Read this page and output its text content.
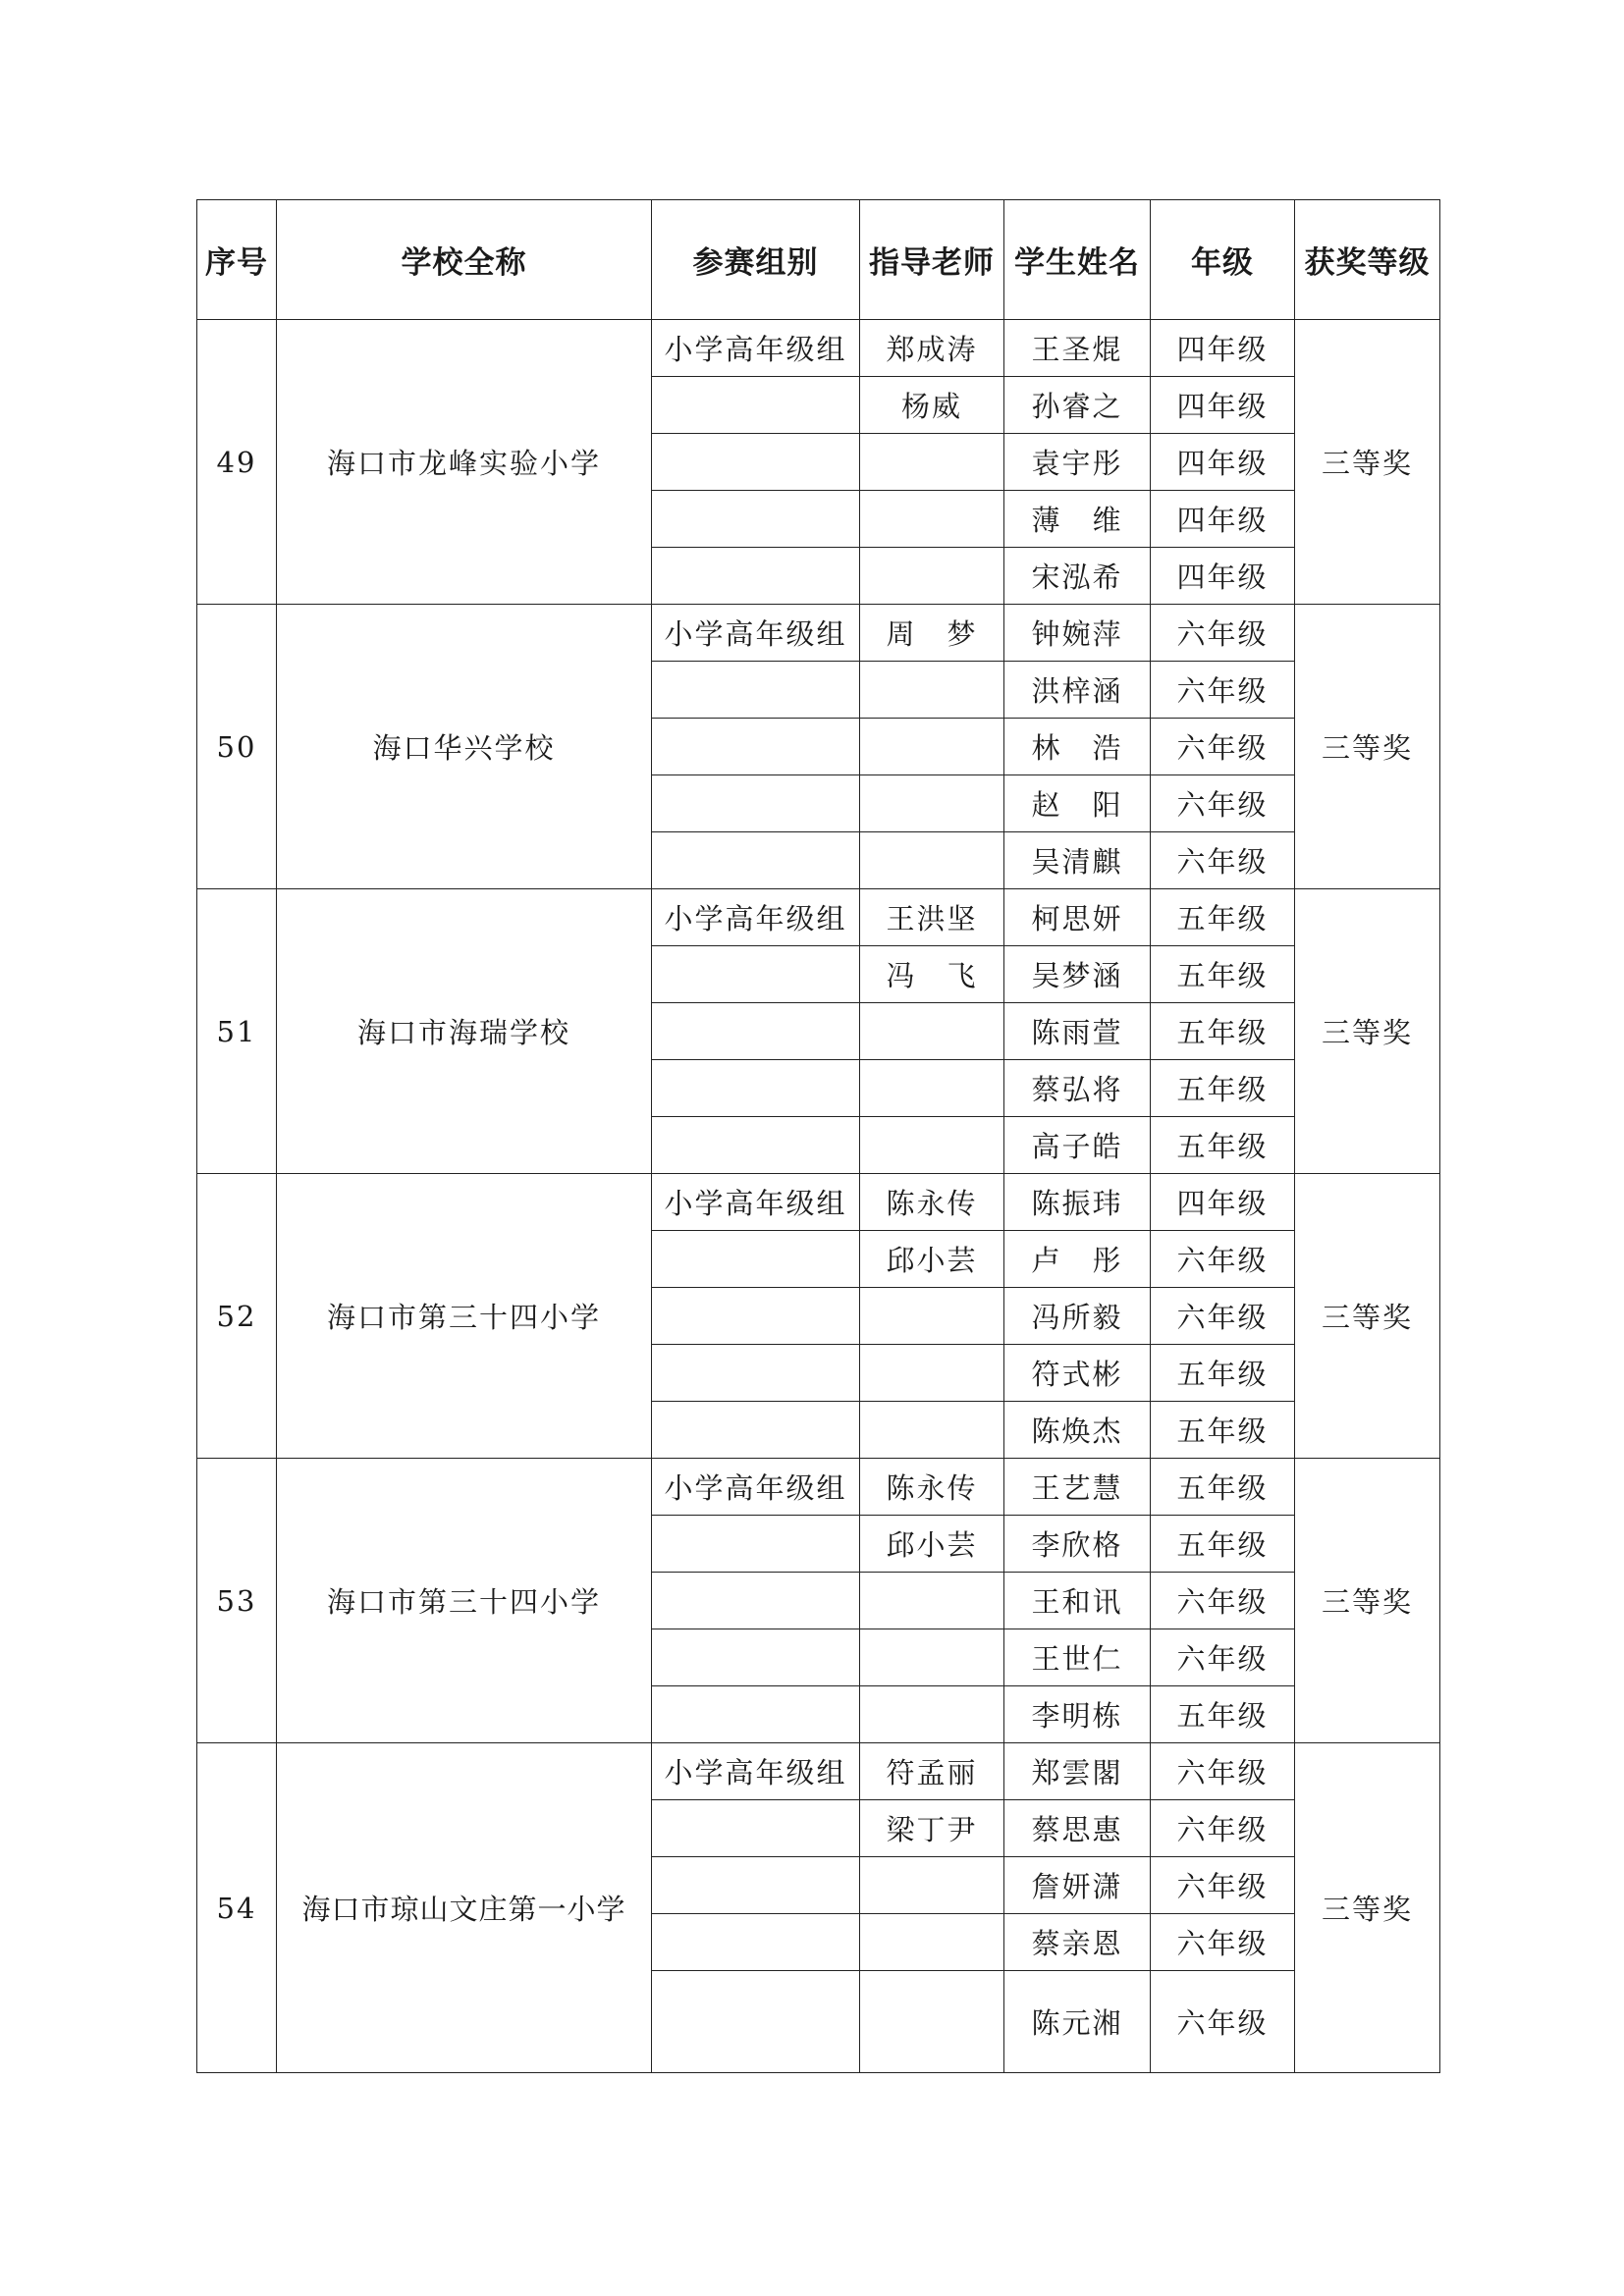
序号	学校全称	参赛组别	指导老师	学生姓名	年级	获奖等级
49	海口市龙峰实验小学	小学高年级组	郑成涛	王圣焜	四年级	三等奖
			杨威	孙睿之	四年级	
				袁宇彤	四年级	
				薄　维	四年级	
				宋泓希	四年级	
50	海口华兴学校	小学高年级组	周　梦	钟婉萍	六年级	三等奖
				洪梓涵	六年级	
				林　浩	六年级	
				赵　阳	六年级	
				吴清麒	六年级	
51	海口市海瑞学校	小学高年级组	王洪坚	柯思妍	五年级	三等奖
			冯　飞	吴梦涵	五年级	
				陈雨萱	五年级	
				蔡弘将	五年级	
				高子皓	五年级	
52	海口市第三十四小学	小学高年级组	陈永传	陈振玮	四年级	三等奖
			邱小芸	卢　彤	六年级	
				冯所毅	六年级	
				符式彬	五年级	
				陈焕杰	五年级	
53	海口市第三十四小学	小学高年级组	陈永传	王艺慧	五年级	三等奖
			邱小芸	李欣格	五年级	
				王和讯	六年级	
				王世仁	六年级	
				李明栋	五年级	
54	海口市琼山文庄第一小学	小学高年级组	符孟丽	郑雲閣	六年级	三等奖
			梁丁尹	蔡思惠	六年级	
				詹妍潇	六年级	
				蔡亲恩	六年级	
				陈元湘	六年级	
